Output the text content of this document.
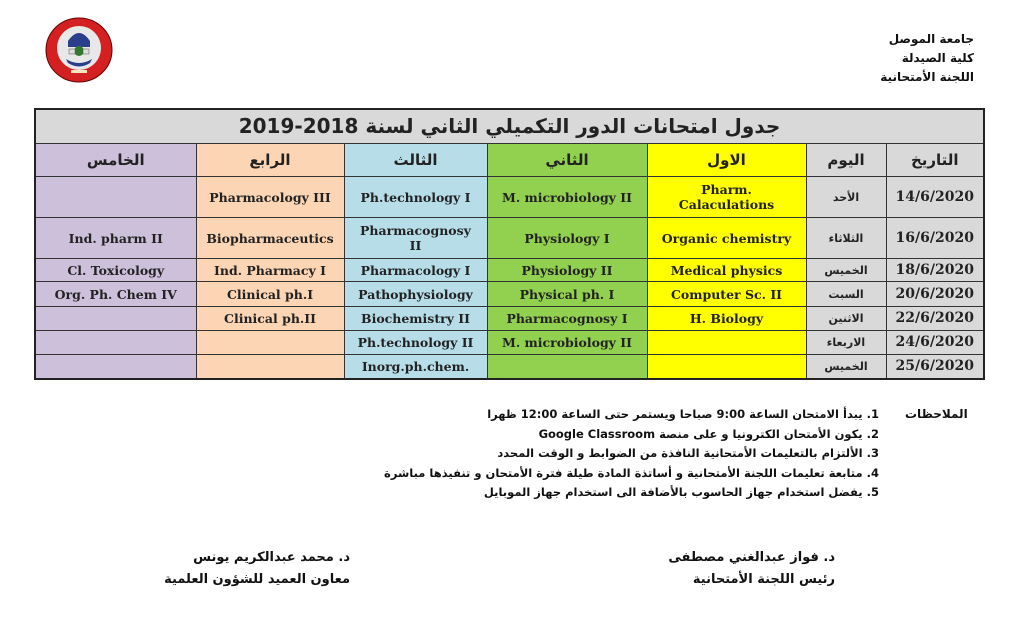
جامعة الموصل
كلية الصيدلة
اللجنة الأمتحانية
جدول امتحانات الدور التكميلي الثاني لسنة 2018-2019						
الخامس	الرابع	الثالث	الثاني	الاول	اليوم	التاريخ
	Pharmacology III	Ph.technology I	M. microbiology II	Pharm. Calaculations	الأحد	14/6/2020
Ind. pharm II	Biopharmaceutics	Pharmacognosy II	Physiology I	Organic chemistry	الثلاثاء	16/6/2020
Cl. Toxicology	Ind. Pharmacy I	Pharmacology I	Physiology II	Medical physics	الخميس	18/6/2020
Org. Ph. Chem IV	Clinical ph.I	Pathophysiology	Physical ph. I	Computer Sc. II	السبت	20/6/2020
	Clinical ph.II	Biochemistry II	Pharmacognosy I	H. Biology	الاثنين	22/6/2020
		Ph.technology II	M. microbiology II		الاربعاء	24/6/2020
		Inorg.ph.chem.			الخميس	25/6/2020
الملاحظات
1. يبدأ الامتحان الساعة 9:00 صباحا ويستمر حتى الساعة 12:00 ظهرا
2. يكون الأمتحان الكترونيا و على منصة Google Classroom
3. الألتزام بالتعليمات الأمتحانية النافذة من الضوابط و الوقت المحدد
4. متابعة تعليمات اللجنة الأمتحانية و أساتذة المادة طيلة فترة الأمتحان و تنفيذها مباشرة
5. يفضل استخدام جهاز الحاسوب بالأضافة الى استخدام جهاز الموبايل
د. فواز عبدالغني مصطفى
رئيس اللجنة الأمتحانية
د. محمد عبدالكريم يونس
معاون العميد للشؤون العلمية
